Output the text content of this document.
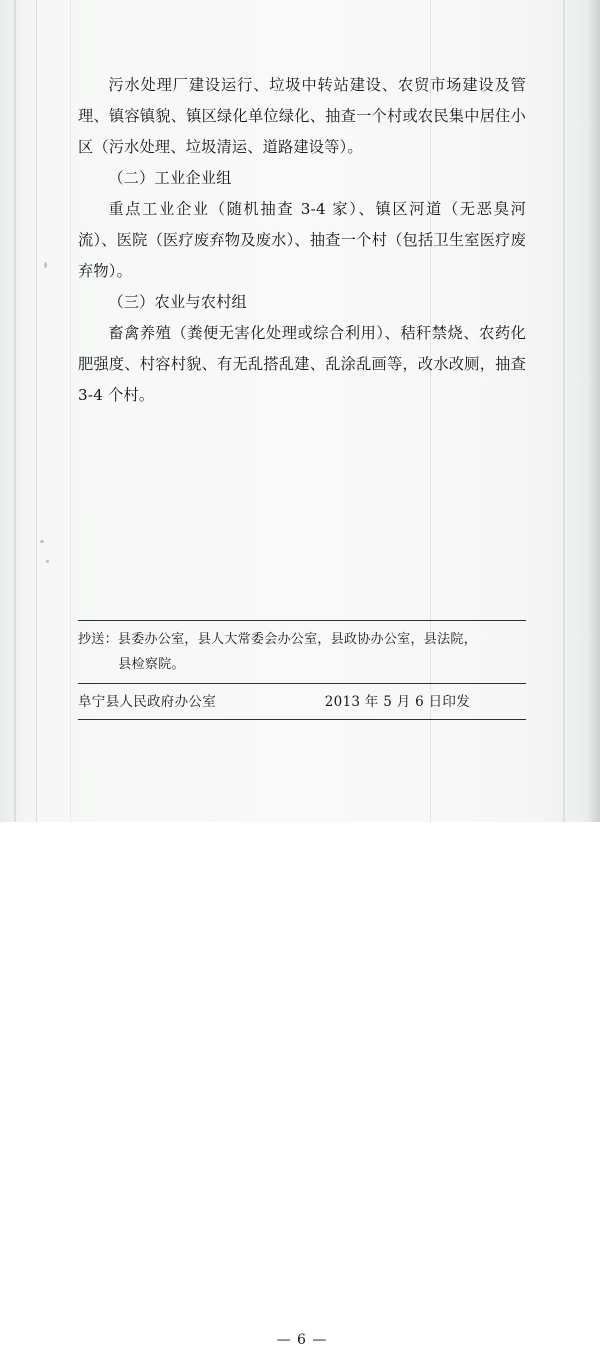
污水处理厂建设运行、垃圾中转站建设、农贸市场建设及管理、镇容镇貌、镇区绿化单位绿化、抽查一个村或农民集中居住小区（污水处理、垃圾清运、道路建设等）。

（二）工业企业组

重点工业企业（随机抽查 3-4 家）、镇区河道（无恶臭河流）、医院（医疗废弃物及废水）、抽查一个村（包括卫生室医疗废弃物）。

（三）农业与农村组

畜禽养殖（粪便无害化处理或综合利用）、秸秆禁烧、农药化肥强度、村容村貌、有无乱搭乱建、乱涂乱画等，改水改厕，抽查 3-4 个村。

抄送：县委办公室，县人大常委会办公室，县政协办公室，县法院，
县检察院。
阜宁县人民政府办公室	2013 年 5 月 6 日印发
— 6 —
